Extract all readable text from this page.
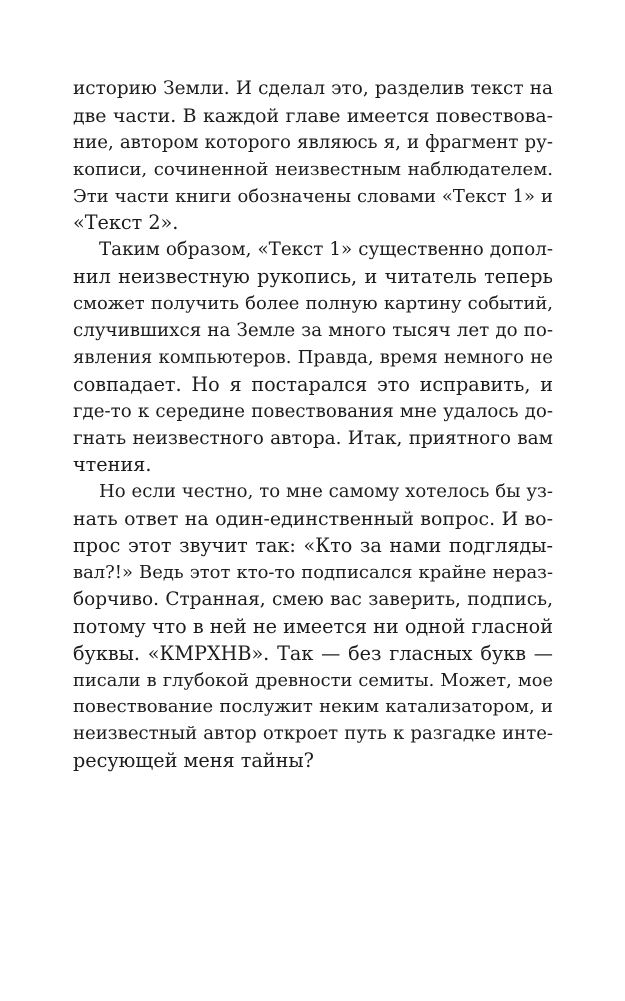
историю Земли. И сделал это, разделив текст на
две части. В каждой главе имеется повествова-
ние, автором которого являюсь я, и фрагмент ру-
кописи, сочиненной неизвестным наблюдателем.
Эти части книги обозначены словами «Текст 1» и
«Текст 2».
Таким образом, «Текст 1» существенно допол-
нил неизвестную рукопись, и читатель теперь
сможет получить более полную картину событий,
случившихся на Земле за много тысяч лет до по-
явления компьютеров. Правда, время немного не
совпадает. Но я постарался это исправить, и
где-то к середине повествования мне удалось до-
гнать неизвестного автора. Итак, приятного вам
чтения.
Но если честно, то мне самому хотелось бы уз-
нать ответ на один-единственный вопрос. И во-
прос этот звучит так: «Кто за нами подгляды-
вал?!» Ведь этот кто-то подписался крайне нераз-
борчиво. Странная, смею вас заверить, подпись,
потому что в ней не имеется ни одной гласной
буквы. «КМРХНВ». Так — без гласных букв —
писали в глубокой древности семиты. Может, мое
повествование послужит неким катализатором, и
неизвестный автор откроет путь к разгадке инте-
ресующей меня тайны?
